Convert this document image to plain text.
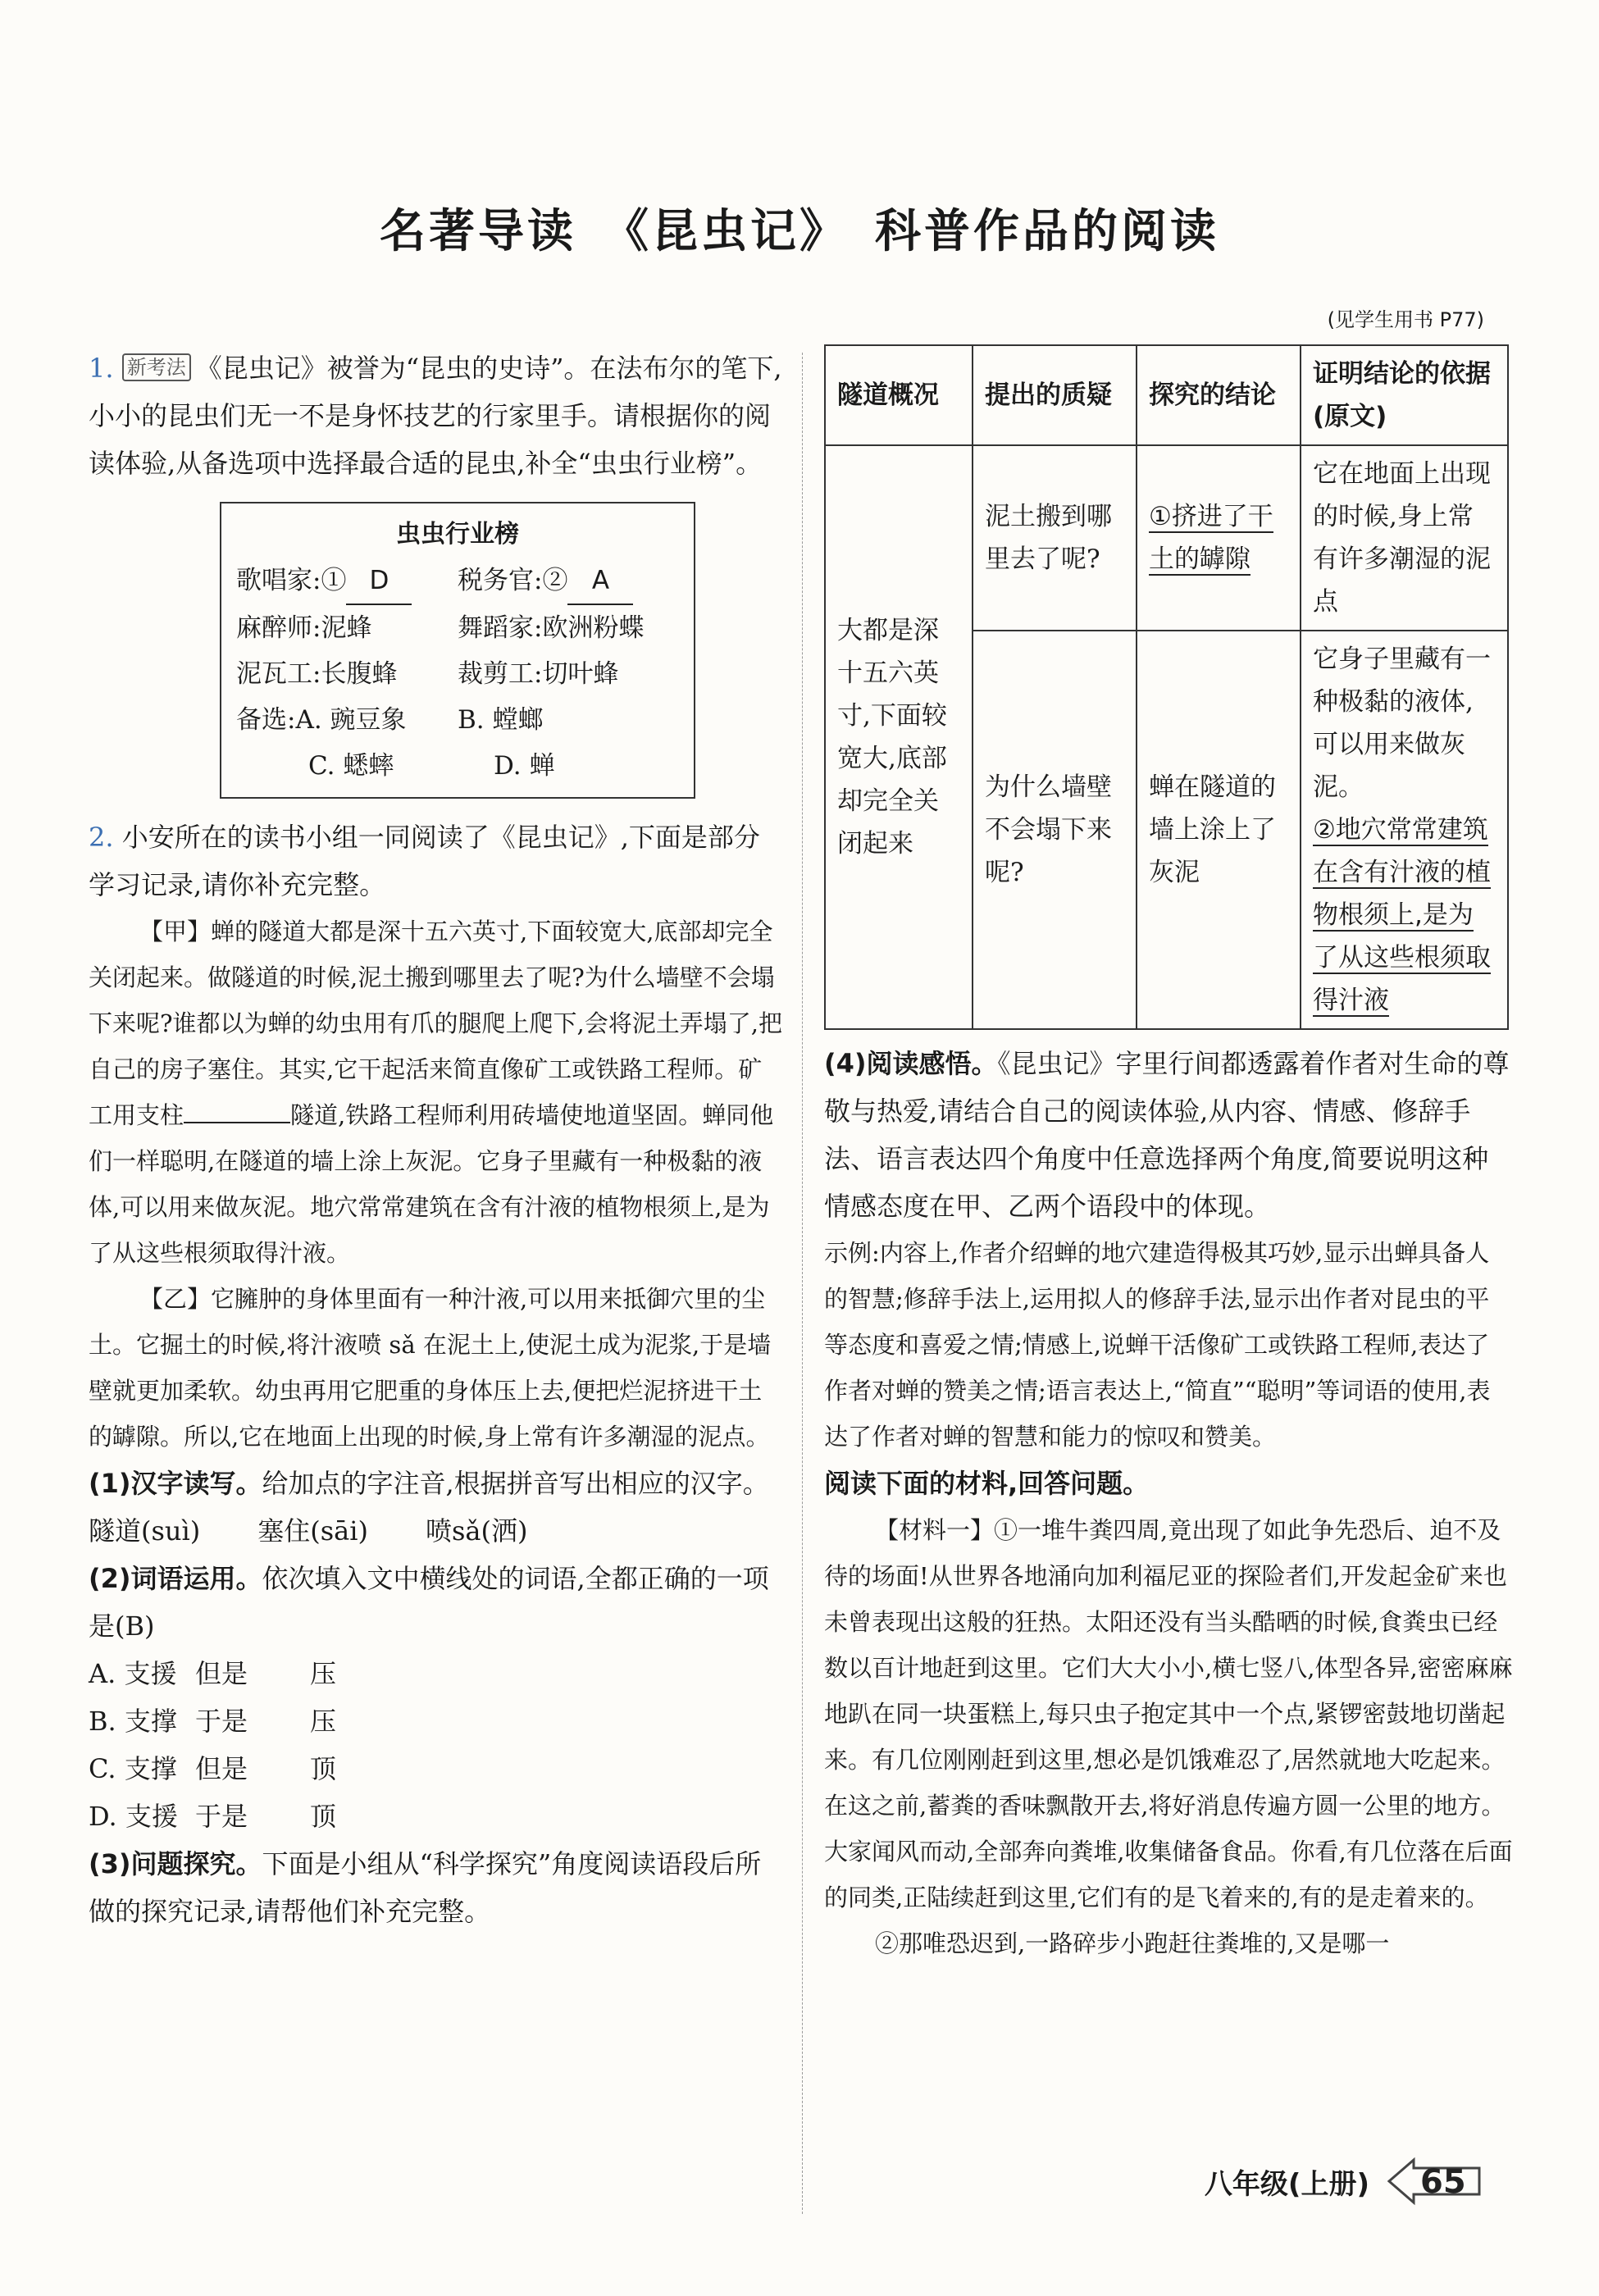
名著导读　《昆虫记》　科普作品的阅读
(见学生用书 P77)

1. 新考法 《昆虫记》被誉为“昆虫的史诗”。在法布尔的笔下,小小的昆虫们无一不是身怀技艺的行家里手。请根据你的阅读体验,从备选项中选择最合适的昆虫,补全“虫虫行业榜”。

虫虫行业榜
歌唱家:① D	税务官:② A
麻醉师:泥蜂	舞蹈家:欧洲粉蝶
泥瓦工:长腹蜂	裁剪工:切叶蜂
备选:A. 豌豆象	B. 螳螂
C. 蟋蟀	D. 蝉

2. 小安所在的读书小组一同阅读了《昆虫记》,下面是部分学习记录,请你补充完整。

【甲】蝉的隧道大都是深十五六英寸,下面较宽大,底部却完全关闭起来。做隧道的时候,泥土搬到哪里去了呢?为什么墙壁不会塌下来呢?谁都以为蝉的幼虫用有爪的腿爬上爬下,会将泥土弄塌了,把自己的房子塞住。其实,它干起活来简直像矿工或铁路工程师。矿工用支柱	隧道,铁路工程师利用砖墙使地道坚固。蝉同他们一样聪明,在隧道的墙上涂上灰泥。它身子里藏有一种极黏的液体,可以用来做灰泥。地穴常常建筑在含有汁液的植物根须上,是为了从这些根须取得汁液。

【乙】它臃肿的身体里面有一种汁液,可以用来抵御穴里的尘土。它掘土的时候,将汁液喷 sǎ 在泥土上,使泥土成为泥浆,于是墙壁就更加柔软。幼虫再用它肥重的身体压上去,便把烂泥挤进干土的罅隙。所以,它在地面上出现的时候,身上常有许多潮湿的泥点。

(1)汉字读写。给加点的字注音,根据拼音写出相应的汉字。

隧道(suì) 塞住(sāi) 喷sǎ(洒)

(2)词语运用。依次填入文中横线处的词语,全都正确的一项是(B)

A. 支援 但是	压
B. 支撑 于是	压
C. 支撑 但是	顶
D. 支援 于是	顶

(3)问题探究。下面是小组从“科学探究”角度阅读语段后所做的探究记录,请帮他们补充完整。

隧道概况	提出的质疑	探究的结论	证明结论的依据(原文)
大都是深十五六英寸,下面较宽大,底部却完全关闭起来	泥土搬到哪里去了呢?	①挤进了干土的罅隙	它在地面上出现的时候,身上常有许多潮湿的泥点
	为什么墙壁不会塌下来呢?	蝉在隧道的墙上涂上了灰泥	它身子里藏有一种极黏的液体,可以用来做灰泥。
②地穴常常建筑在含有汁液的植物根须上,是为了从这些根须取得汁液

(4)阅读感悟。《昆虫记》字里行间都透露着作者对生命的尊敬与热爱,请结合自己的阅读体验,从内容、情感、修辞手法、语言表达四个角度中任意选择两个角度,简要说明这种情感态度在甲、乙两个语段中的体现。

示例:内容上,作者介绍蝉的地穴建造得极其巧妙,显示出蝉具备人的智慧;修辞手法上,运用拟人的修辞手法,显示出作者对昆虫的平等态度和喜爱之情;情感上,说蝉干活像矿工或铁路工程师,表达了作者对蝉的赞美之情;语言表达上,“简直”“聪明”等词语的使用,表达了作者对蝉的智慧和能力的惊叹和赞美。

阅读下面的材料,回答问题。

【材料一】①一堆牛粪四周,竟出现了如此争先恐后、迫不及待的场面!从世界各地涌向加利福尼亚的探险者们,开发起金矿来也未曾表现出这般的狂热。太阳还没有当头酷晒的时候,食粪虫已经数以百计地赶到这里。它们大大小小,横七竖八,体型各异,密密麻麻地趴在同一块蛋糕上,每只虫子抱定其中一个点,紧锣密鼓地切凿起来。有几位刚刚赶到这里,想必是饥饿难忍了,居然就地大吃起来。在这之前,蓄粪的香味飘散开去,将好消息传遍方圆一公里的地方。大家闻风而动,全部奔向粪堆,收集储备食品。你看,有几位落在后面的同类,正陆续赶到这里,它们有的是飞着来的,有的是走着来的。

②那唯恐迟到,一路碎步小跑赶往粪堆的,又是哪一

八年级(上册) 65
